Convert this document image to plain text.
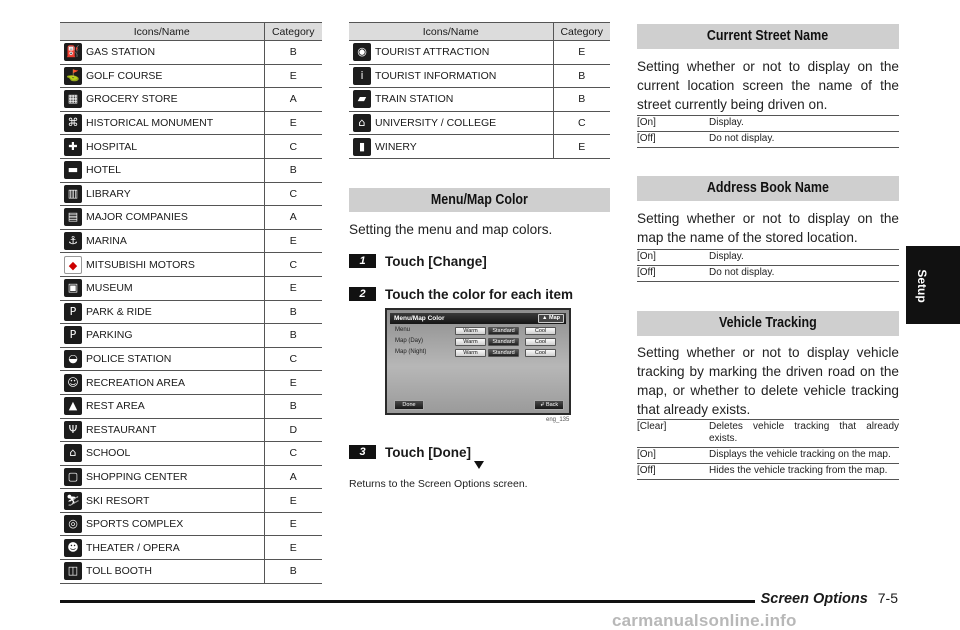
Icons/Name	Category
⛽ GAS STATION	B
⛳ GOLF COURSE	E
▦ GROCERY STORE	A
⌘ HISTORICAL MONUMENT	E
✚ HOSPITAL	C
▬ HOTEL	B
▥ LIBRARY	C
▤ MAJOR COMPANIES	A
⚓ MARINA	E
◆ MITSUBISHI MOTORS	C
▣ MUSEUM	E
P PARK & RIDE	B
P PARKING	B
◒ POLICE STATION	C
☺ RECREATION AREA	E
▲ REST AREA	B
Ψ RESTAURANT	D
⌂ SCHOOL	C
▢ SHOPPING CENTER	A
⛷ SKI RESORT	E
◎ SPORTS COMPLEX	E
☻ THEATER / OPERA	E
◫ TOLL BOOTH	B
Icons/Name	Category
◉ TOURIST ATTRACTION	E
i TOURIST INFORMATION	B
▰ TRAIN STATION	B
⌂ UNIVERSITY / COLLEGE	C
▮ WINERY	E
Menu/Map Color
Setting the menu and map colors.
1	Touch [Change]
2	Touch the color for each item
Menu/Map Color	▲ Map
Menu	Warm	Standard	Cool
Map (Day)	Warm	Standard	Cool
Map (Night)	Warm	Standard	Cool
Done	↲ Back
eng_135
3	Touch [Done]
Returns to the Screen Options screen.
Current Street Name
Setting whether or not to display on the current location screen the name of the street currently being driven on.
[On]	Display.
[Off]	Do not display.
Address Book Name
Setting whether or not to display on the map the name of the stored location.
[On]	Display.
[Off]	Do not display.
Vehicle Tracking
Setting whether or not to display vehicle tracking by marking the driven road on the map, or whether to delete vehicle tracking that already exists.
[Clear]	Deletes vehicle tracking that already exists.
[On]	Displays the vehicle tracking on the map.
[Off]	Hides the vehicle tracking from the map.
Setup
Screen Options 7-5
carmanualsonline.info
